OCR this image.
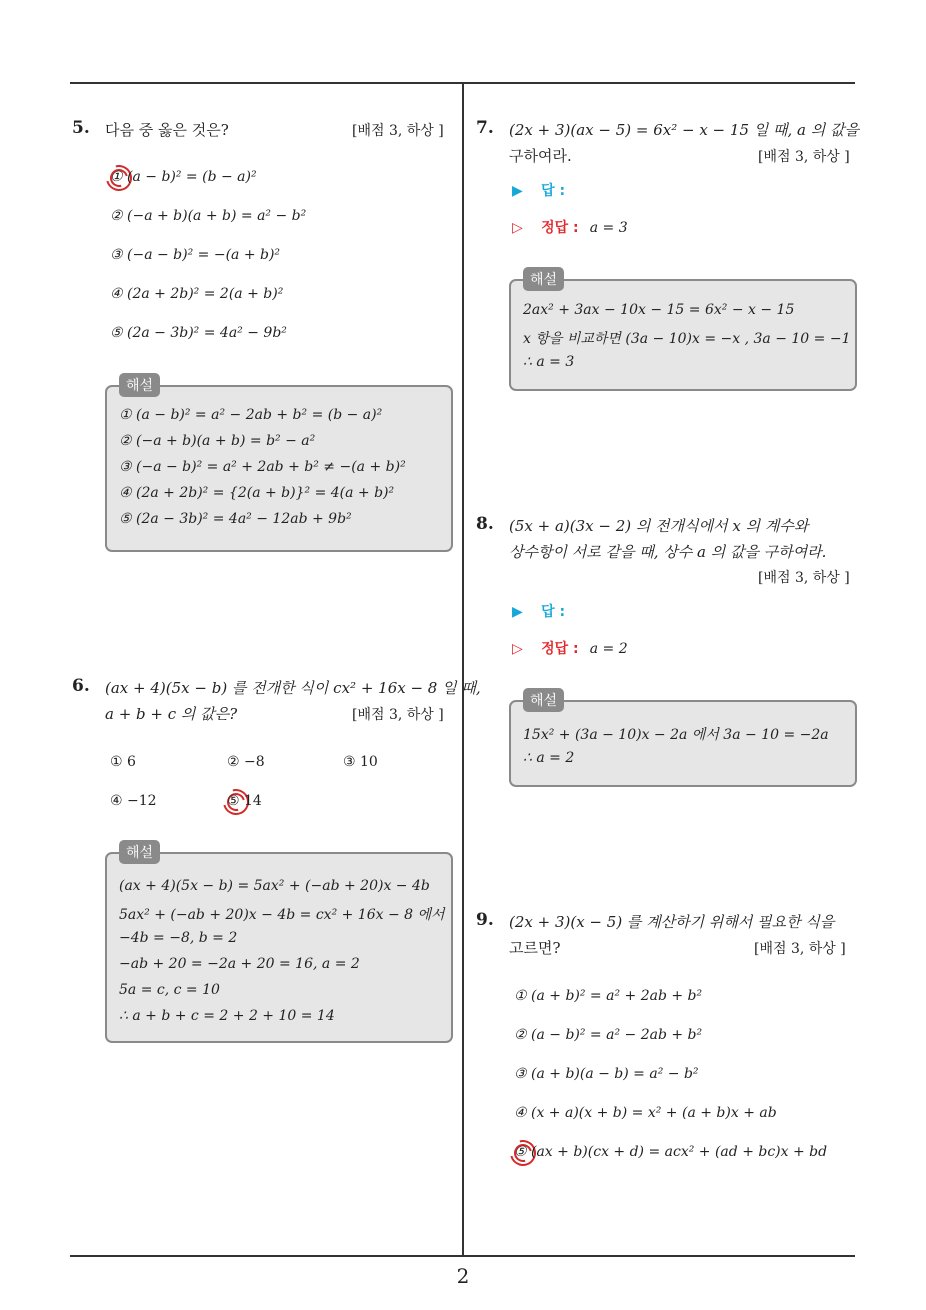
5. 다음 중 옳은 것은?	[배점 3, 하상 ]
① (a − b)² = (b − a)²
② (−a + b)(a + b) = a² − b²
③ (−a − b)² = −(a + b)²
④ (2a + 2b)² = 2(a + b)²
⑤ (2a − 3b)² = 4a² − 9b²
① (a − b)² = a² − 2ab + b² = (b − a)²
② (−a + b)(a + b) = b² − a²
③ (−a − b)² = a² + 2ab + b² ≠ −(a + b)²
④ (2a + 2b)² = {2(a + b)}² = 4(a + b)²
⑤ (2a − 3b)² = 4a² − 12ab + 9b²
해설
6. (ax + 4)(5x − b) 를 전개한 식이 cx² + 16x − 8 일 때,
a + b + c 의 값은?	[배점 3, 하상 ]
① 6	② −8	③ 10
④ −12	⑤ 14
(ax + 4)(5x − b) = 5ax² + (−ab + 20)x − 4b
5ax² + (−ab + 20)x − 4b = cx² + 16x − 8 에서
−4b = −8, b = 2
−ab + 20 = −2a + 20 = 16, a = 2
5a = c, c = 10
∴ a + b + c = 2 + 2 + 10 = 14
해설
7. (2x + 3)(ax − 5) = 6x² − x − 15 일 때, a 의 값을
구하여라.	[배점 3, 하상 ]
▶ 답 :
▷ 정답 : a = 3
2ax² + 3ax − 10x − 15 = 6x² − x − 15
x 항을 비교하면 (3a − 10)x = −x , 3a − 10 = −1
∴ a = 3
해설
8. (5x + a)(3x − 2) 의 전개식에서 x 의 계수와
상수항이 서로 같을 때, 상수 a 의 값을 구하여라.
[배점 3, 하상 ]
▶ 답 :
▷ 정답 : a = 2
15x² + (3a − 10)x − 2a 에서 3a − 10 = −2a
∴ a = 2
해설
9. (2x + 3)(x − 5) 를 계산하기 위해서 필요한 식을
고르면?	[배점 3, 하상 ]
① (a + b)² = a² + 2ab + b²
② (a − b)² = a² − 2ab + b²
③ (a + b)(a − b) = a² − b²
④ (x + a)(x + b) = x² + (a + b)x + ab
⑤ (ax + b)(cx + d) = acx² + (ad + bc)x + bd
2
